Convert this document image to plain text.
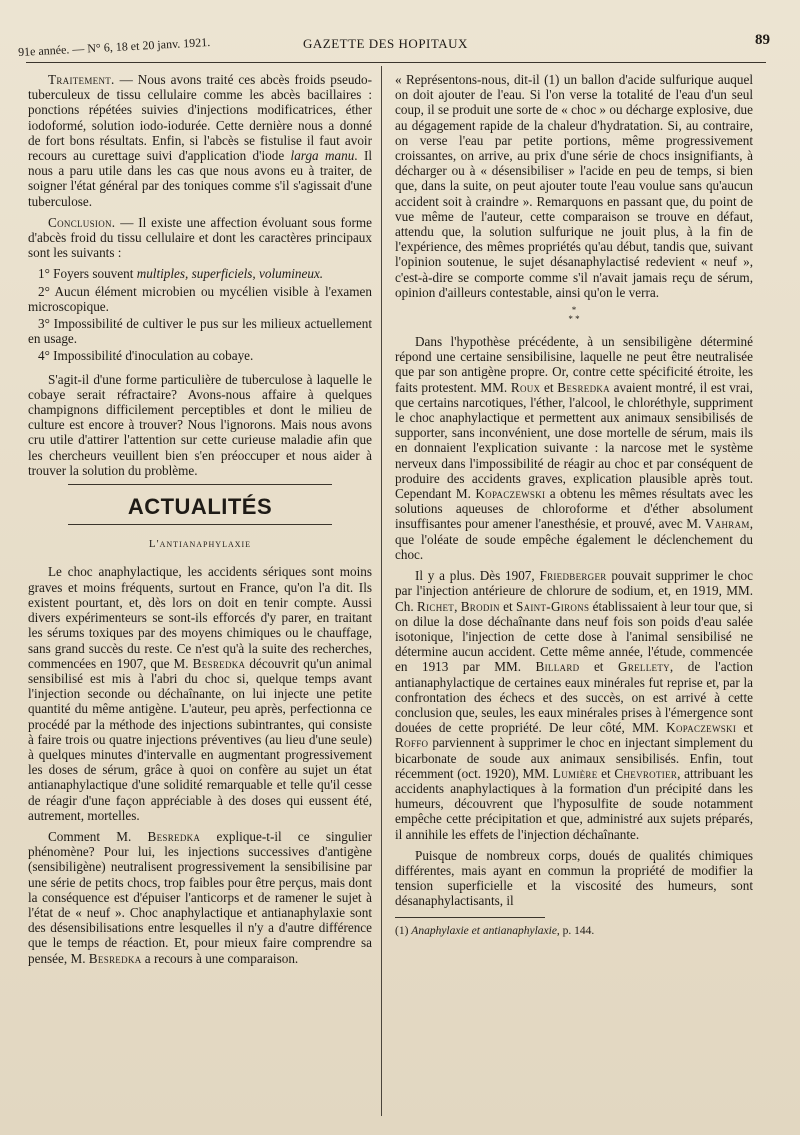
91e année. — N° 6, 18 et 20 janv. 1921.	GAZETTE DES HOPITAUX	89

Traitement. — Nous avons traité ces abcès froids pseudo-tuberculeux de tissu cellulaire comme les abcès bacillaires : ponctions répétées suivies d'injections modificatrices, éther iodoformé, solution iodo-iodurée. Cette dernière nous a donné de fort bons résultats. Enfin, si l'abcès se fistulise il faut avoir recours au curettage suivi d'application d'iode larga manu. Il nous a paru utile dans les cas que nous avons eu à traiter, de soigner l'état général par des toniques comme s'il s'agissait d'une tuberculose.

Conclusion. — Il existe une affection évoluant sous forme d'abcès froid du tissu cellulaire et dont les caractères principaux sont les suivants :

1° Foyers souvent multiples, superficiels, volumineux.
2° Aucun élément microbien ou mycélien visible à l'examen microscopique.
3° Impossibilité de cultiver le pus sur les milieux actuellement en usage.
4° Impossibilité d'inoculation au cobaye.

S'agit-il d'une forme particulière de tuberculose à laquelle le cobaye serait réfractaire? Avons-nous affaire à quelques champignons difficilement perceptibles et dont le milieu de culture est encore à trouver? Nous l'ignorons. Mais nous avons cru utile d'attirer l'attention sur cette curieuse maladie afin que les chercheurs veuillent bien s'en préoccuper et nous aider à trouver la solution du problème.

ACTUALITÉS
L'antianaphylaxie

Le choc anaphylactique, les accidents sériques sont moins graves et moins fréquents, surtout en France, qu'on l'a dit. Ils existent pourtant, et, dès lors on doit en tenir compte. Aussi divers expérimenteurs se sont-ils efforcés d'y parer, en traitant les sérums toxiques par des moyens chimiques ou le chauffage, sans grand succès du reste. Ce n'est qu'à la suite des recherches, commencées en 1907, que M. Besredka découvrit qu'un animal sensibilisé est mis à l'abri du choc si, quelque temps avant l'injection seconde ou déchaînante, on lui injecte une petite quantité du même antigène. L'auteur, peu après, perfectionna ce procédé par la méthode des injections subintrantes, qui consiste à faire trois ou quatre injections préventives (au lieu d'une seule) à quelques minutes d'intervalle en augmentant progressivement les doses de sérum, grâce à quoi on confère au sujet un état antianaphylactique d'une solidité remarquable et telle qu'il cesse de réagir d'une façon appréciable à des doses qui eussent été, autrement, mortelles.

Comment M. Besredka explique-t-il ce singulier phénomène? Pour lui, les injections successives d'antigène (sensibiligène) neutralisent progressivement la sensibilisine par une série de petits chocs, trop faibles pour être perçus, mais dont la conséquence est d'épuiser l'anticorps et de ramener le sujet à l'état de « neuf ». Choc anaphylactique et antianaphylaxie sont des désensibilisations entre lesquelles il n'y a d'autre différence que le temps de réaction. Et, pour mieux faire comprendre sa pensée, M. Besredka a recours à une comparaison.

« Représentons-nous, dit-il (1) un ballon d'acide sulfurique auquel on doit ajouter de l'eau. Si l'on verse la totalité de l'eau d'un seul coup, il se produit une sorte de « choc » ou décharge explosive, due au dégagement rapide de la chaleur d'hydratation. Si, au contraire, on verse l'eau par petite portions, même progressivement croissantes, on arrive, au prix d'une série de chocs insignifiants, à décharger ou à « désensibiliser » l'acide en peu de temps, si bien que, dans la suite, on peut ajouter toute l'eau voulue sans qu'aucun accident soit à craindre ». Remarquons en passant que, du point de vue même de l'auteur, cette comparaison se trouve en défaut, attendu que, la solution sulfurique ne jouit plus, à la fin de l'expérience, des mêmes propriétés qu'au début, tandis que, suivant l'opinion soutenue, le sujet désanaphylactisé redevient « neuf », c'est-à-dire se comporte comme s'il n'avait jamais reçu de sérum, opinion d'ailleurs contestable, ainsi qu'on le verra.

*
* *

Dans l'hypothèse précédente, à un sensibiligène déterminé répond une certaine sensibilisine, laquelle ne peut être neutralisée que par son antigène propre. Or, contre cette spécificité étroite, les faits protestent. MM. Roux et Besredka avaient montré, il est vrai, que certains narcotiques, l'éther, l'alcool, le chloréthyle, suppriment le choc anaphylactique et permettent aux animaux sensibilisés de supporter, sans inconvénient, une dose mortelle de sérum, mais ils en donnaient l'explication suivante : la narcose met le système nerveux dans l'impossibilité de réagir au choc et par conséquent de produire des accidents graves, explication plausible après tout. Cependant M. Kopaczewski a obtenu les mêmes résultats avec les solutions aqueuses de chloroforme et d'éther absolument insuffisantes pour amener l'anesthésie, et prouvé, avec M. Vahram, que l'oléate de soude empêche également le déclenchement du choc.

Il y a plus. Dès 1907, Friedberger pouvait supprimer le choc par l'injection antérieure de chlorure de sodium, et, en 1919, MM. Ch. Richet, Brodin et Saint-Girons établissaient à leur tour que, si on dilue la dose déchaînante dans neuf fois son poids d'eau salée isotonique, l'injection de cette dose à l'animal sensibilisé ne détermine aucun accident. Cette même année, l'étude, commencée en 1913 par MM. Billard et Grellety, de l'action antianaphylactique de certaines eaux minérales fut reprise et, par la confrontation des échecs et des succès, on est arrivé à cette conclusion que, seules, les eaux minérales prises à l'émergence sont douées de cette propriété. De leur côté, MM. Kopaczewski et Roffo parviennent à supprimer le choc en injectant simplement du bicarbonate de soude aux animaux sensibilisés. Enfin, tout récemment (oct. 1920), MM. Lumière et Chevrotier, attribuant les accidents anaphylactiques à la formation d'un précipité dans les humeurs, découvrent que l'hyposulfite de soude notamment empêche cette précipitation et que, administré aux sujets préparés, il annihile les effets de l'injection déchaînante.

Puisque de nombreux corps, doués de qualités chimiques différentes, mais ayant en commun la propriété de modifier la tension superficielle et la viscosité des humeurs, sont désanaphylactisants, il

(1) Anaphylaxie et antianaphylaxie, p. 144.
